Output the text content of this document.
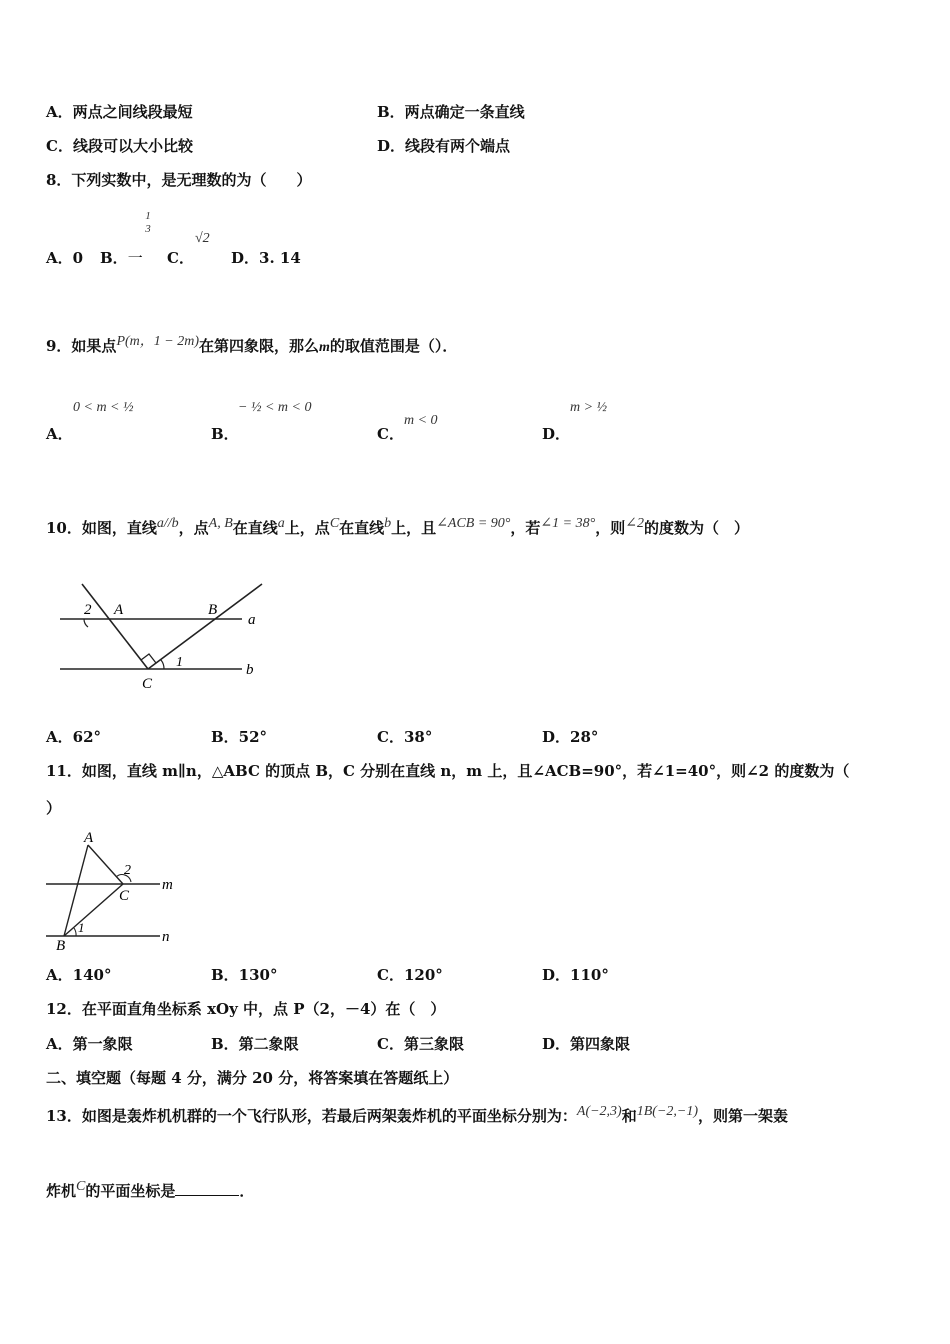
A．两点之间线段最短	B．两点确定一条直线
C．线段可以大小比较	D．线段有两个端点
8．下列实数中，是无理数的为（　　）
A．0 B．一
1
3
C．
√2
D．3. 14
9．如果点P(m，1 − 2m)在第四象限，那么m的取值范围是（）．
0 < m < ½
A．
− ½ < m < 0
B．
m < 0
C．
m > ½
D．
10．如图，直线a//b，点A, B在直线a上，点C在直线b上，且∠ACB = 90°，若∠1 = 38°，则∠2的度数为（　）
2 A	B
a
1
C
b
A．62°	B．52°	C．38°	D．28°
11．如图，直线 m∥n，△ABC 的顶点 B，C 分别在直线 n，m 上，且∠ACB=90°，若∠1=40°，则∠2 的度数为（
）
A
2
C
m
1
B
n
A．140°	B．130°	C．120°	D．110°
12．在平面直角坐标系 xOy 中，点 P（2，－4）在（　）
A．第一象限	B．第二象限	C．第三象限	D．第四象限
二、填空题（每题 4 分，满分 20 分，将答案填在答题纸上）
13．如图是轰炸机机群的一个飞行队形，若最后两架轰炸机的平面坐标分别为：A(−2,3)和1B(−2,−1)，则第一架轰
炸机C的平面坐标是	．
